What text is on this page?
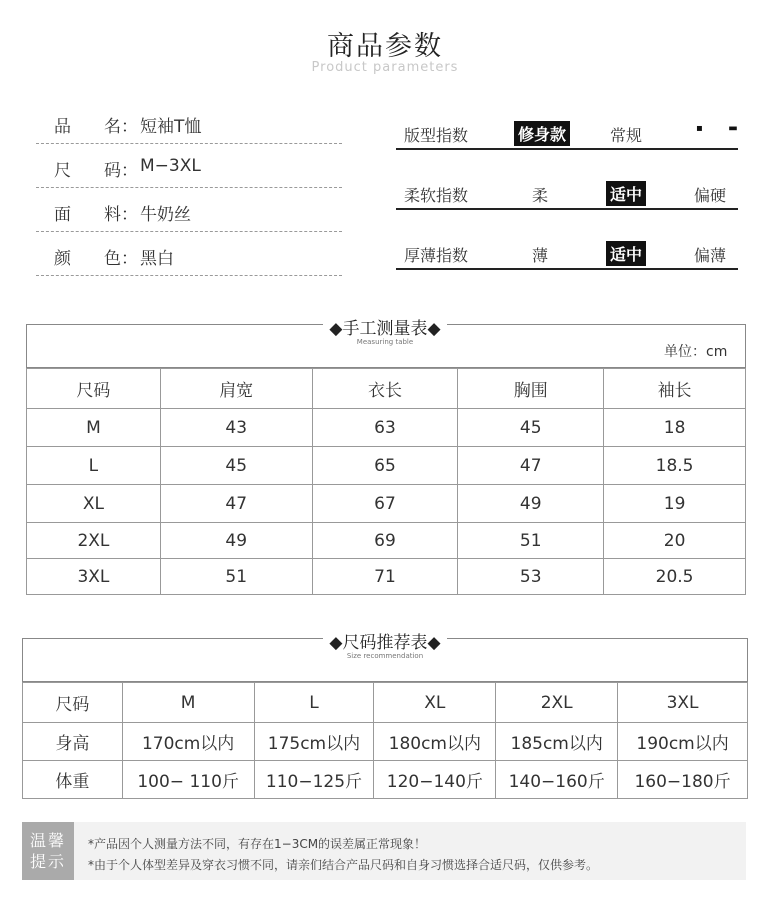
商品参数
Product parameters
品 名： 短袖T恤
尺 码： M−3XL
面 料： 牛奶丝
颜 色： 黑白
版型指数	修身款	常规	▪        ▬
柔软指数	柔	适中	偏硬
厚薄指数	薄	适中	偏薄
◆手工测量表◆
Measuring table
单位：cm
尺码	肩宽	衣长	胸围	袖长
M	43	63	45	18
L	45	65	47	18.5
XL	47	67	49	19
2XL	49	69	51	20
3XL	51	71	53	20.5
◆尺码推荐表◆
Size recommendation
尺码	M	L	XL	2XL	3XL
身高	170cm以内	175cm以内	180cm以内	185cm以内	190cm以内
体重	100− 110斤	110−125斤	120−140斤	140−160斤	160−180斤
温馨
提示
*产品因个人测量方法不同，有存在1−3CM的误差属正常现象！
*由于个人体型差异及穿衣习惯不同，请亲们结合产品尺码和自身习惯选择合适尺码，仅供参考。
